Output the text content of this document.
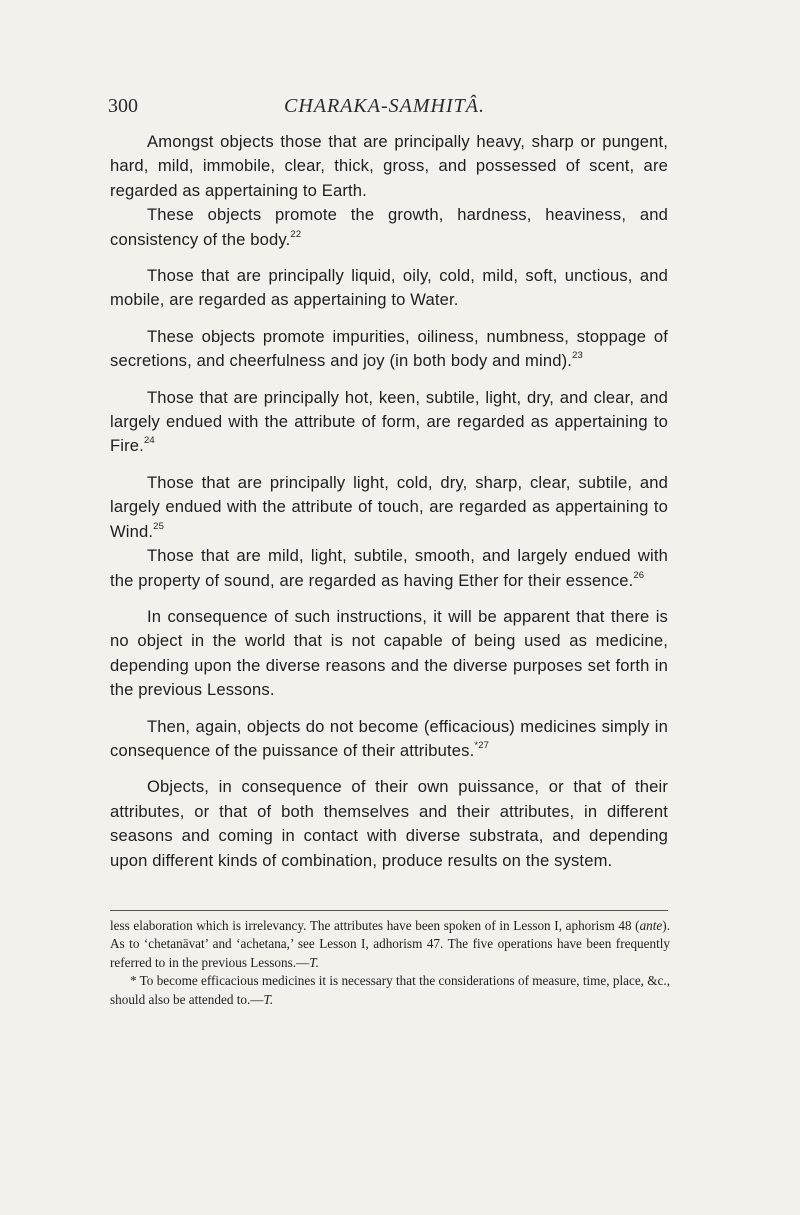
300	CHARAKA-SAMHITÂ.

Amongst objects those that are principally heavy, sharp or pungent, hard, mild, immobile, clear, thick, gross, and possessed of scent, are regarded as appertaining to Earth.

These objects promote the growth, hardness, heaviness, and consistency of the body.$^{22}$

Those that are principally liquid, oily, cold, mild, soft, unctious, and mobile, are regarded as appertaining to Water.

These objects promote impurities, oiliness, numbness, stoppage of secretions, and cheerfulness and joy (in both body and mind).$^{23}$

Those that are principally hot, keen, subtile, light, dry, and clear, and largely endued with the attribute of form, are regarded as appertaining to Fire.$^{24}$

Those that are principally light, cold, dry, sharp, clear, subtile, and largely endued with the attribute of touch, are regarded as appertaining to Wind.$^{25}$

Those that are mild, light, subtile, smooth, and largely endued with the property of sound, are regarded as having Ether for their essence.$^{26}$

In consequence of such instructions, it will be apparent that there is no object in the world that is not capable of being used as medicine, depending upon the diverse reasons and the diverse purposes set forth in the previous Lessons.

Then, again, objects do not become (efficacious) medicines simply in consequence of the puissance of their attributes.$^{*27}$

Objects, in consequence of their own puissance, or that of their attributes, or that of both themselves and their attributes, in different seasons and coming in contact with diverse substrata, and depending upon different kinds of combination, produce results on the system.

less elaboration which is irrelevancy. The attributes have been spoken of in Lesson I, aphorism 48 (ante). As to ‘chetanāvat’ and ‘achetana,’ see Lesson I, adhorism 47. The five operations have been frequently referred to in the previous Lessons.—T.

* To become efficacious medicines it is necessary that the considerations of measure, time, place, &c., should also be attended to.—T.
